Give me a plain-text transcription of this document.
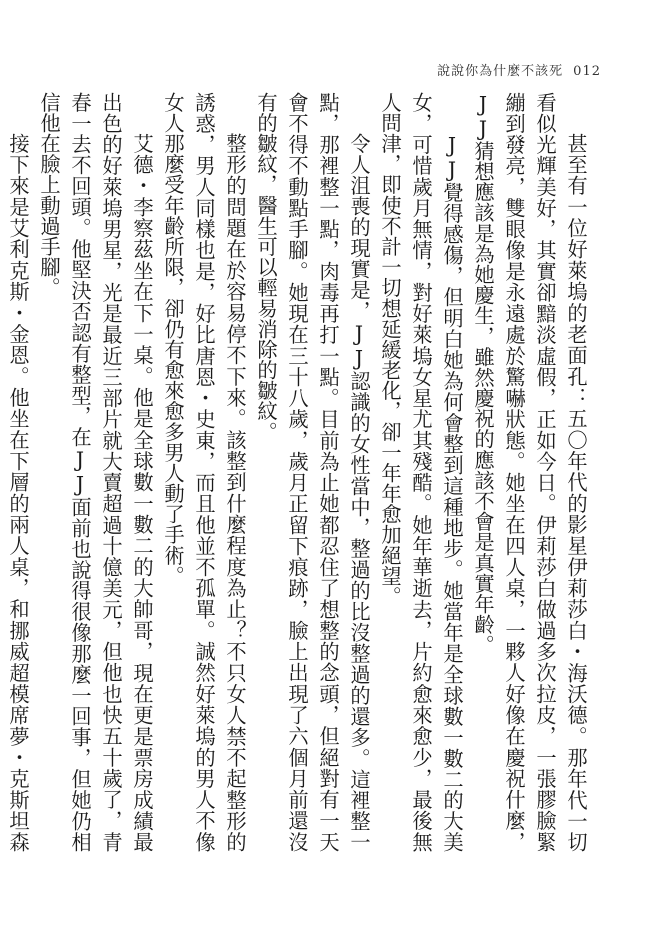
說說你為什麼不該死 012

甚至有一位好萊塢的老面孔：五〇年代的影星伊莉莎白・海沃德。那年代一切看似光輝美好，其實卻黯淡虛假，正如今日。伊莉莎白做過多次拉皮，一張膠臉緊繃到發亮，雙眼像是永遠處於驚嚇狀態。她坐在四人桌，一夥人好像在慶祝什麼，JJ猜想應該是為她慶生，雖然慶祝的應該不會是真實年齡。

JJ覺得感傷，但明白她為何會整到這種地步。她當年是全球數一數二的大美女，可惜歲月無情，對好萊塢女星尤其殘酷。她年華逝去，片約愈來愈少，最後無人問津，即使不計一切想延緩老化，卻一年年愈加絕望。

令人沮喪的現實是，JJ認識的女性當中，整過的比沒整過的還多。這裡整一點，那裡整一點，肉毒再打一點。目前為止她都忍住了想整的念頭，但絕對有一天會不得不動點手腳。她現在三十八歲，歲月正留下痕跡，臉上出現了六個月前還沒有的皺紋，醫生可以輕易消除的皺紋。

整形的問題在於容易停不下來。該整到什麼程度為止？不只女人禁不起整形的誘惑，男人同樣也是，好比唐恩・史東，而且他並不孤單。誠然好萊塢的男人不像女人那麼受年齡所限，卻仍有愈來愈多男人動了手術。

艾德・李察茲坐在下一桌。他是全球數一數二的大帥哥，現在更是票房成績最出色的好萊塢男星，光是最近三部片就大賣超過十億美元，但他也快五十歲了，青春一去不回頭。他堅決否認有整型，在JJ面前也說得很像那麼一回事，但她仍相信他在臉上動過手腳。

接下來是艾利克斯・金恩。他坐在下層的兩人桌，和挪威超模席夢・克斯坦森
